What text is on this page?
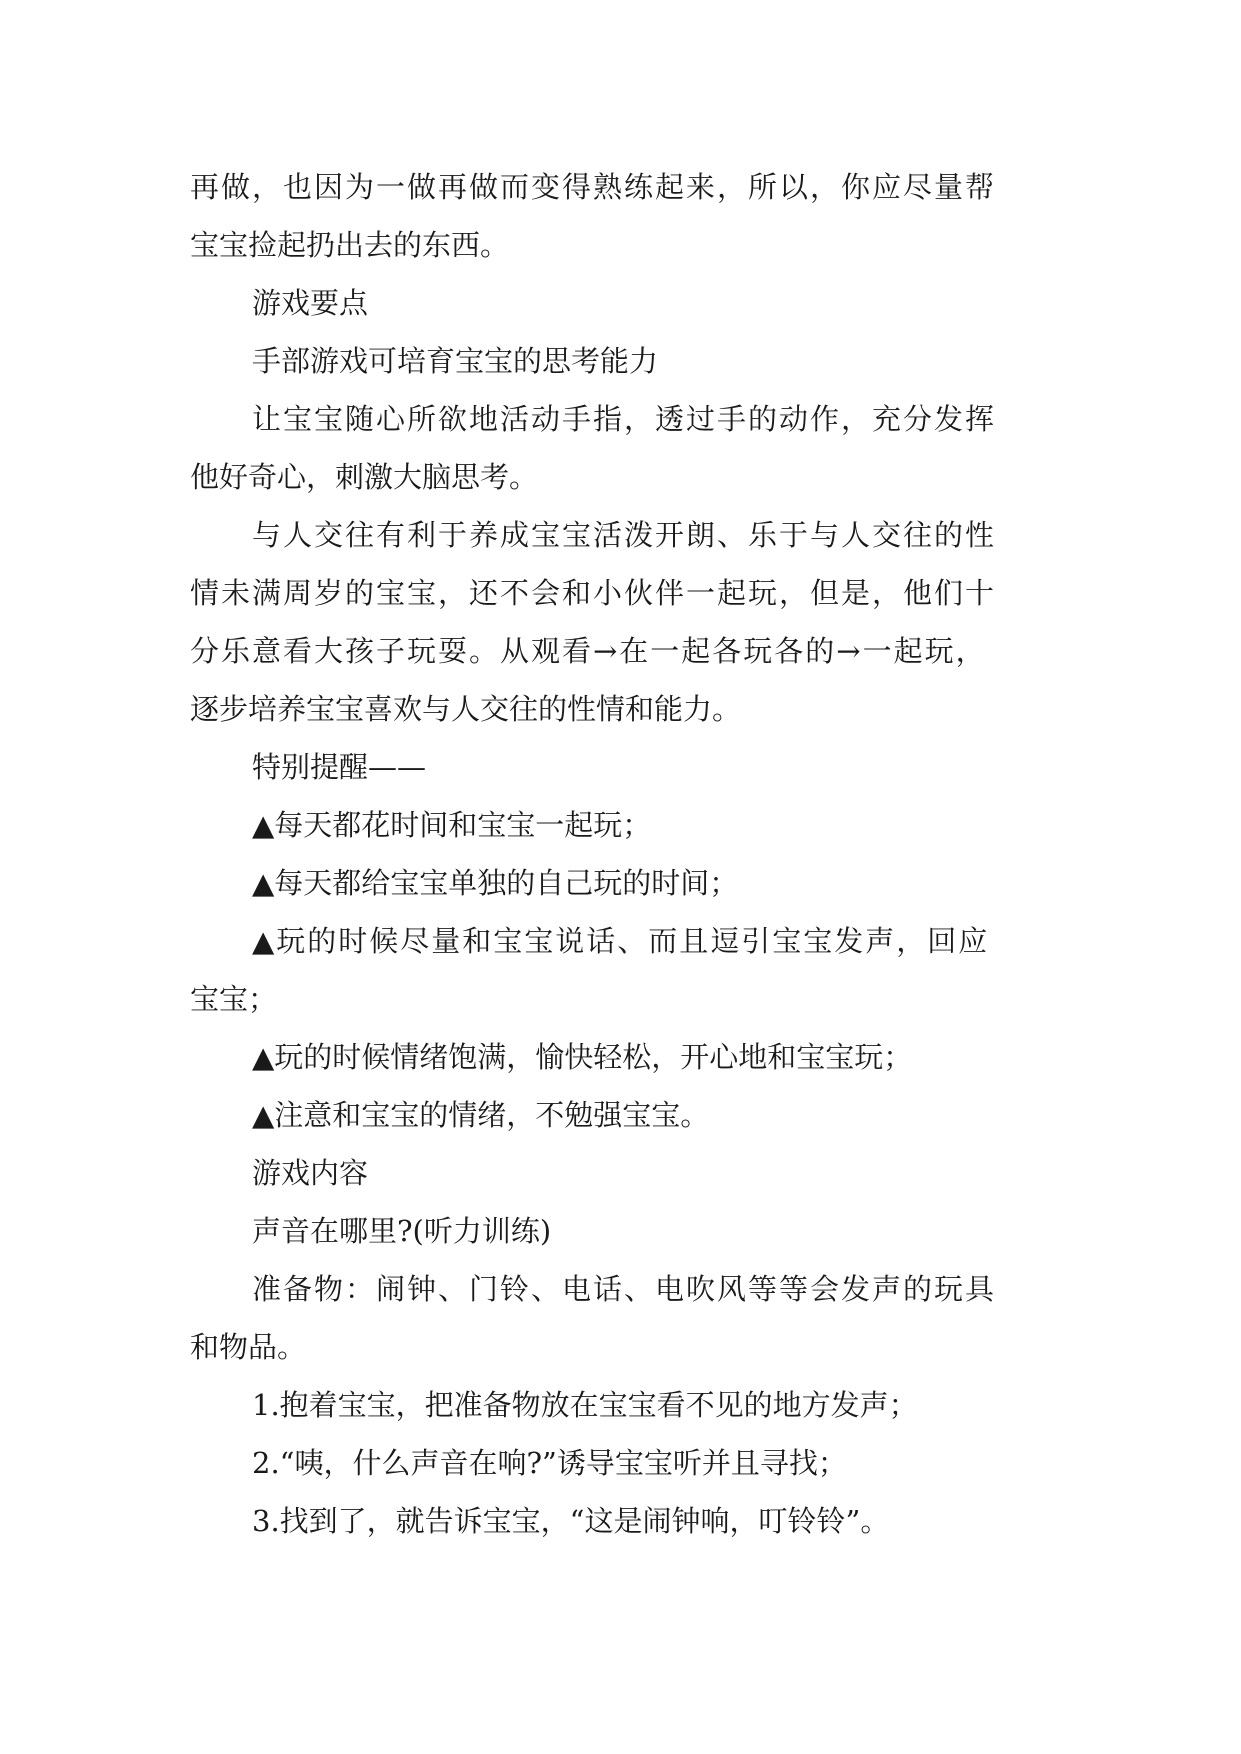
再做，也因为一做再做而变得熟练起来，所以，你应尽量帮
宝宝捡起扔出去的东西。
游戏要点
手部游戏可培育宝宝的思考能力
让宝宝随心所欲地活动手指，透过手的动作，充分发挥
他好奇心，刺激大脑思考。
与人交往有利于养成宝宝活泼开朗、乐于与人交往的性
情未满周岁的宝宝，还不会和小伙伴一起玩，但是，他们十
分乐意看大孩子玩耍。从观看→在一起各玩各的→一起玩，
逐步培养宝宝喜欢与人交往的性情和能力。
特别提醒——
▲每天都花时间和宝宝一起玩；
▲每天都给宝宝单独的自己玩的时间；
▲玩的时候尽量和宝宝说话、而且逗引宝宝发声，回应
宝宝；
▲玩的时候情绪饱满，愉快轻松，开心地和宝宝玩；
▲注意和宝宝的情绪，不勉强宝宝。
游戏内容
声音在哪里?(听力训练)
准备物：闹钟、门铃、电话、电吹风等等会发声的玩具
和物品。
1.抱着宝宝，把准备物放在宝宝看不见的地方发声；
2.“咦，什么声音在响?”诱导宝宝听并且寻找；
3.找到了，就告诉宝宝，“这是闹钟响，叮铃铃”。
